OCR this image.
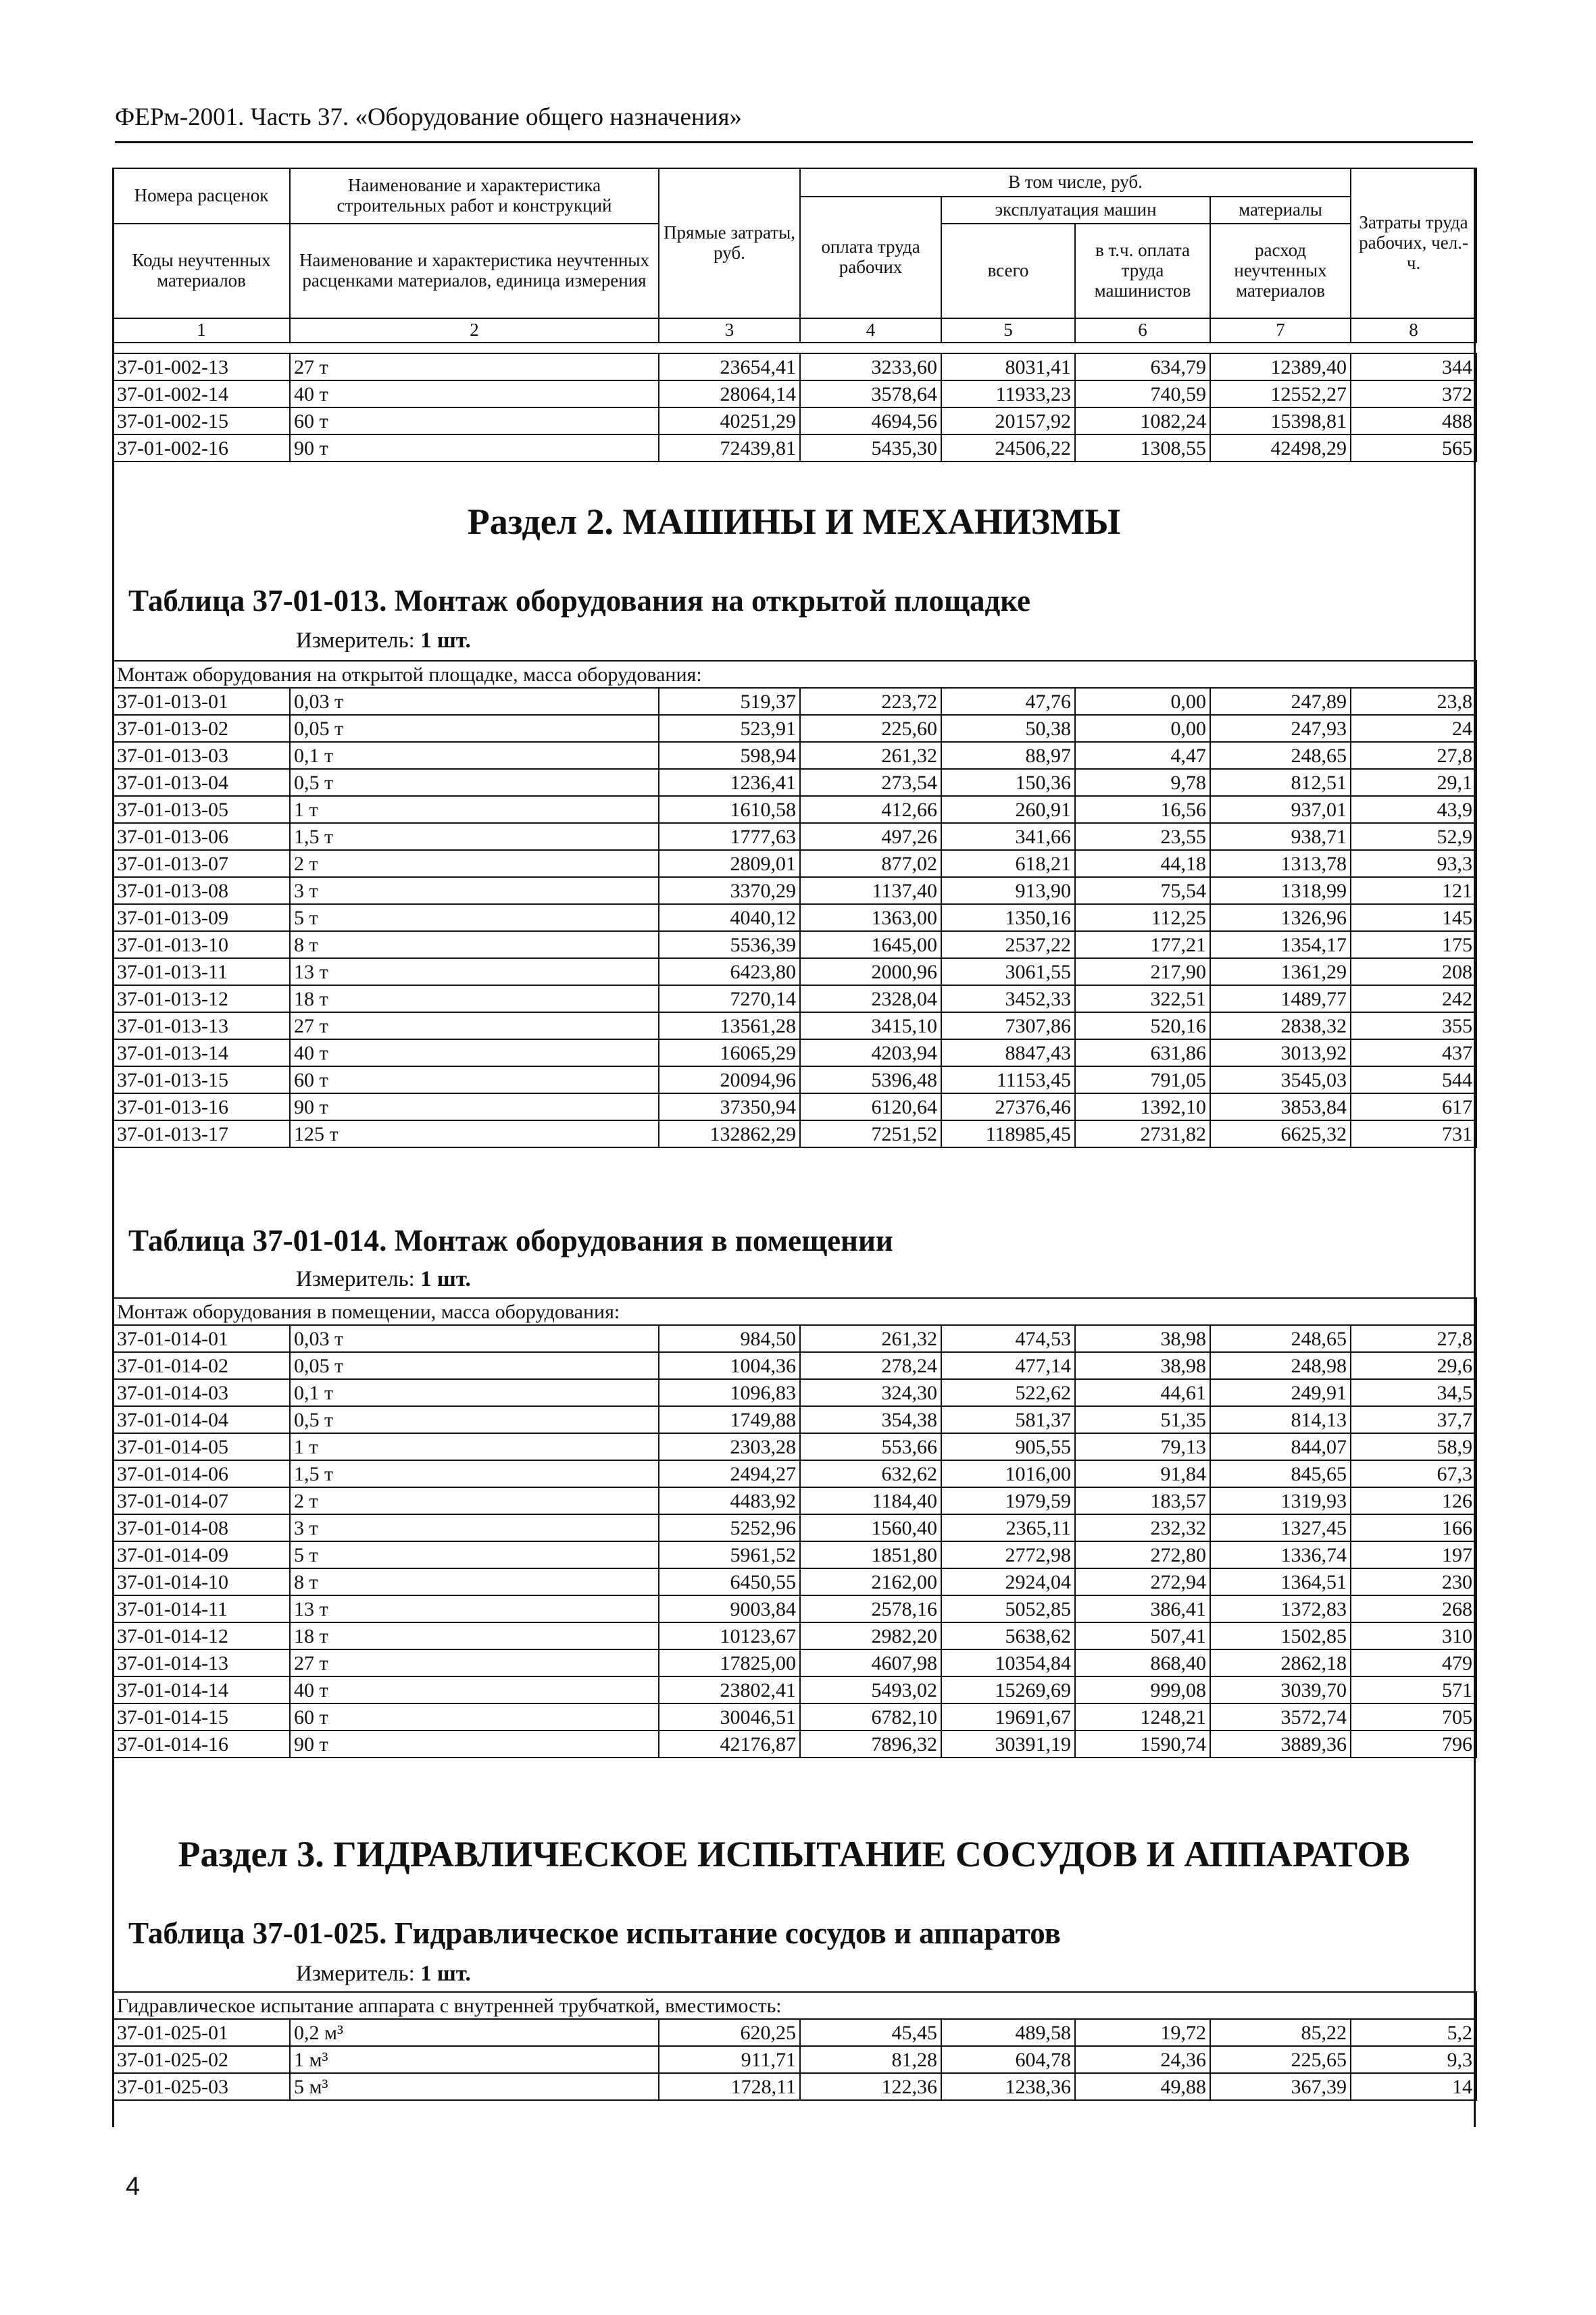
ФЕРм-2001. Часть 37. «Оборудование общего назначения»
Номера расценок	Наименование и характеристика строительных работ и конструкций	Прямые затраты, руб.	В том числе, руб.				Затраты труда рабочих, чел.-ч.
			оплата труда рабочих	эксплуатация машин		материалы	
Коды неучтенных материалов	Наименование и характеристика неучтенных расценками материалов, единица измерения			всего	в т.ч. оплата труда машинистов	расход неучтенных материалов	

1	2	3	4	5	6	7	8
37-01-002-13	27 т	23654,41	3233,60	8031,41	634,79	12389,40	344
37-01-002-14	40 т	28064,14	3578,64	11933,23	740,59	12552,27	372
37-01-002-15	60 т	40251,29	4694,56	20157,92	1082,24	15398,81	488
37-01-002-16	90 т	72439,81	5435,30	24506,22	1308,55	42498,29	565
Раздел 2. МАШИНЫ И МЕХАНИЗМЫ
Таблица 37-01-013. Монтаж оборудования на открытой площадке
Измеритель: 1 шт.
Монтаж оборудования на открытой площадке, масса оборудования:							
37-01-013-01	0,03 т	519,37	223,72	47,76	0,00	247,89	23,8
37-01-013-02	0,05 т	523,91	225,60	50,38	0,00	247,93	24
37-01-013-03	0,1 т	598,94	261,32	88,97	4,47	248,65	27,8
37-01-013-04	0,5 т	1236,41	273,54	150,36	9,78	812,51	29,1
37-01-013-05	1 т	1610,58	412,66	260,91	16,56	937,01	43,9
37-01-013-06	1,5 т	1777,63	497,26	341,66	23,55	938,71	52,9
37-01-013-07	2 т	2809,01	877,02	618,21	44,18	1313,78	93,3
37-01-013-08	3 т	3370,29	1137,40	913,90	75,54	1318,99	121
37-01-013-09	5 т	4040,12	1363,00	1350,16	112,25	1326,96	145
37-01-013-10	8 т	5536,39	1645,00	2537,22	177,21	1354,17	175
37-01-013-11	13 т	6423,80	2000,96	3061,55	217,90	1361,29	208
37-01-013-12	18 т	7270,14	2328,04	3452,33	322,51	1489,77	242
37-01-013-13	27 т	13561,28	3415,10	7307,86	520,16	2838,32	355
37-01-013-14	40 т	16065,29	4203,94	8847,43	631,86	3013,92	437
37-01-013-15	60 т	20094,96	5396,48	11153,45	791,05	3545,03	544
37-01-013-16	90 т	37350,94	6120,64	27376,46	1392,10	3853,84	617
37-01-013-17	125 т	132862,29	7251,52	118985,45	2731,82	6625,32	731
Таблица 37-01-014. Монтаж оборудования в помещении
Измеритель: 1 шт.
Монтаж оборудования в помещении, масса оборудования:							
37-01-014-01	0,03 т	984,50	261,32	474,53	38,98	248,65	27,8
37-01-014-02	0,05 т	1004,36	278,24	477,14	38,98	248,98	29,6
37-01-014-03	0,1 т	1096,83	324,30	522,62	44,61	249,91	34,5
37-01-014-04	0,5 т	1749,88	354,38	581,37	51,35	814,13	37,7
37-01-014-05	1 т	2303,28	553,66	905,55	79,13	844,07	58,9
37-01-014-06	1,5 т	2494,27	632,62	1016,00	91,84	845,65	67,3
37-01-014-07	2 т	4483,92	1184,40	1979,59	183,57	1319,93	126
37-01-014-08	3 т	5252,96	1560,40	2365,11	232,32	1327,45	166
37-01-014-09	5 т	5961,52	1851,80	2772,98	272,80	1336,74	197
37-01-014-10	8 т	6450,55	2162,00	2924,04	272,94	1364,51	230
37-01-014-11	13 т	9003,84	2578,16	5052,85	386,41	1372,83	268
37-01-014-12	18 т	10123,67	2982,20	5638,62	507,41	1502,85	310
37-01-014-13	27 т	17825,00	4607,98	10354,84	868,40	2862,18	479
37-01-014-14	40 т	23802,41	5493,02	15269,69	999,08	3039,70	571
37-01-014-15	60 т	30046,51	6782,10	19691,67	1248,21	3572,74	705
37-01-014-16	90 т	42176,87	7896,32	30391,19	1590,74	3889,36	796
Раздел 3. ГИДРАВЛИЧЕСКОЕ ИСПЫТАНИЕ СОСУДОВ И АППАРАТОВ
Таблица 37-01-025. Гидравлическое испытание сосудов и аппаратов
Измеритель: 1 шт.
Гидравлическое испытание аппарата с внутренней трубчаткой, вместимость:							
37-01-025-01	0,2 м³	620,25	45,45	489,58	19,72	85,22	5,2
37-01-025-02	1 м³	911,71	81,28	604,78	24,36	225,65	9,3
37-01-025-03	5 м³	1728,11	122,36	1238,36	49,88	367,39	14
4
